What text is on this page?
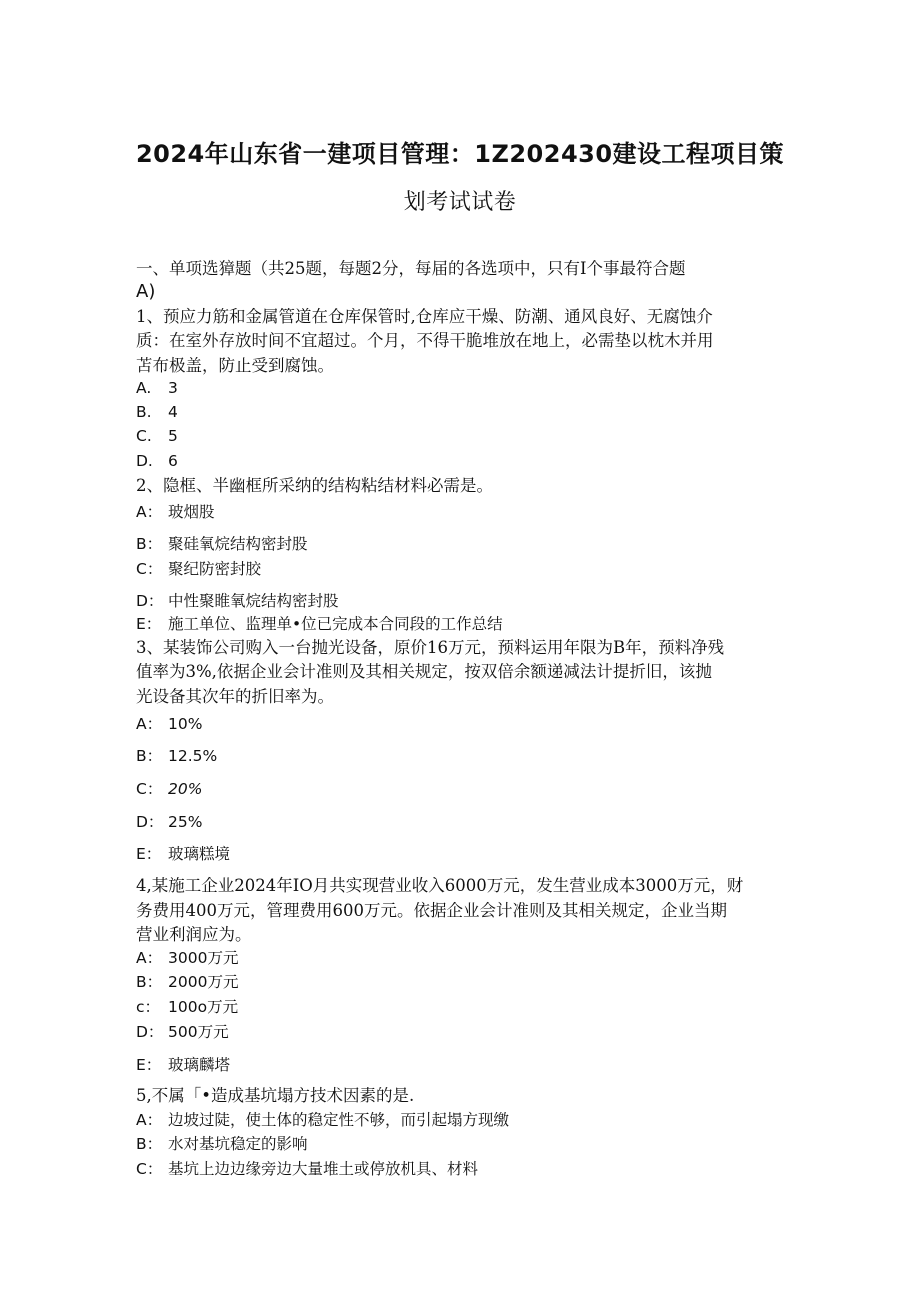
2024年山东省一建项目管理：1Z202430建设工程项目策
划考试试卷
一、单项选獐题（共25题，每题2分，每届的各选项中，只有I个事最符合题
A)
1、预应力筋和金属管道在仓库保管时,仓库应干燥、防潮、通风良好、无腐蚀介
质：在室外存放时间不宜超过。个月，不得干脆堆放在地上，必需垫以枕木并用
苫布极盖，防止受到腐蚀。
A. 3
B. 4
C. 5
D. 6
2、隐框、半幽框所采纳的结构粘结材料必需是。
A： 玻烟股
B： 聚硅氧烷结构密封股
C： 聚纪防密封胶
D： 中性聚睢氧烷结构密封股
E： 施工单位、监理单•位已完成本合同段的工作总结
3、某装饰公司购入一台抛光设备，原价16万元，预料运用年限为B年，预料净残
值率为3%,依据企业会计准则及其相关规定，按双倍余额递减法计提折旧，该抛
光设备其次年的折旧率为。
A： 10%
B： 12.5%
C： 20%
D： 25%
E： 玻璃糕境
4,某施工企业2024年IO月共实现营业收入6000万元，发生营业成本3000万元，财
务费用400万元，管理费用600万元。依据企业会计准则及其相关规定，企业当期
营业利润应为。
A： 3000万元
B： 2000万元
c： 100o万元
D： 500万元
E： 玻璃麟塔
5,不属「•造成基坑塌方技术因素的是.
A： 边坡过陡，使土体的稳定性不够，而引起塌方现缴
B： 水对基坑稳定的影响
C： 基坑上边边缘旁边大量堆土或停放机具、材料
